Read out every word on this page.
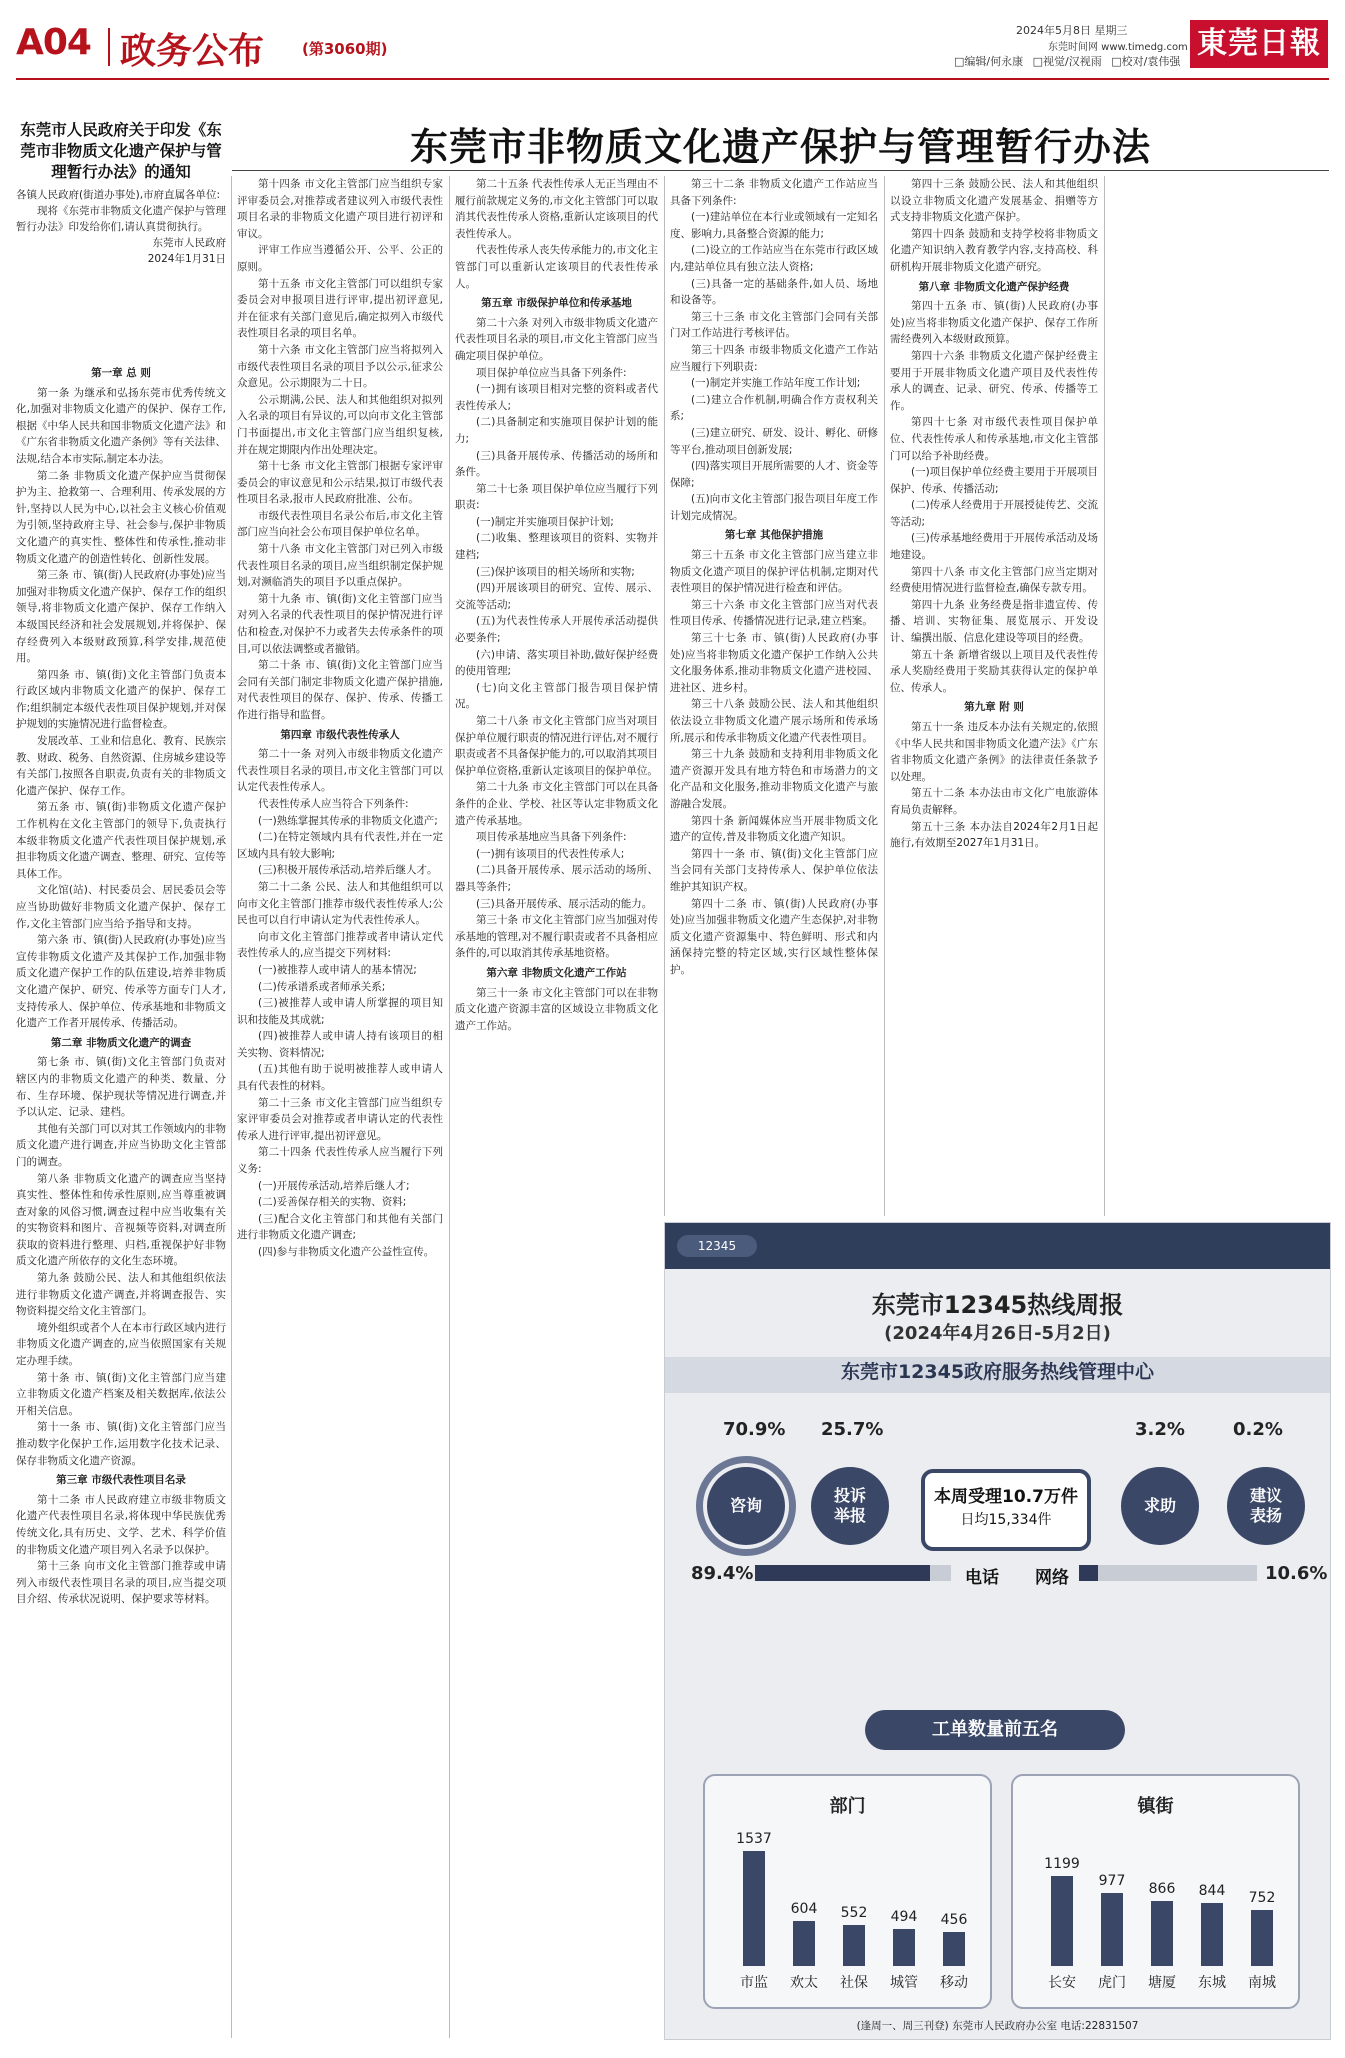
A04 政务公布	(第3060期)
2024年5月8日 星期三
东莞时间网 www.timedg.com
□编辑/何永康 □视觉/汉视雨 □校对/袁伟强
東莞日報
东莞市人民政府关于印发《东莞市非物质文化遗产保护与管理暂行办法》的通知

各镇人民政府(街道办事处),市府直属各单位:

现将《东莞市非物质文化遗产保护与管理暂行办法》印发给你们,请认真贯彻执行。

东莞市人民政府

2024年1月31日

东莞市非物质文化遗产保护与管理暂行办法

第一章 总 则

第一条 为继承和弘扬东莞市优秀传统文化,加强对非物质文化遗产的保护、保存工作,根据《中华人民共和国非物质文化遗产法》和《广东省非物质文化遗产条例》等有关法律、法规,结合本市实际,制定本办法。

第二条 非物质文化遗产保护应当贯彻保护为主、抢救第一、合理利用、传承发展的方针,坚持以人民为中心,以社会主义核心价值观为引领,坚持政府主导、社会参与,保护非物质文化遗产的真实性、整体性和传承性,推动非物质文化遗产的创造性转化、创新性发展。

第三条 市、镇(街)人民政府(办事处)应当加强对非物质文化遗产保护、保存工作的组织领导,将非物质文化遗产保护、保存工作纳入本级国民经济和社会发展规划,并将保护、保存经费列入本级财政预算,科学安排,规范使用。

第四条 市、镇(街)文化主管部门负责本行政区域内非物质文化遗产的保护、保存工作;组织制定本级代表性项目保护规划,并对保护规划的实施情况进行监督检查。

发展改革、工业和信息化、教育、民族宗教、财政、税务、自然资源、住房城乡建设等有关部门,按照各自职责,负责有关的非物质文化遗产保护、保存工作。

第五条 市、镇(街)非物质文化遗产保护工作机构在文化主管部门的领导下,负责执行本级非物质文化遗产代表性项目保护规划,承担非物质文化遗产调查、整理、研究、宣传等具体工作。

文化馆(站)、村民委员会、居民委员会等应当协助做好非物质文化遗产保护、保存工作,文化主管部门应当给予指导和支持。

第六条 市、镇(街)人民政府(办事处)应当宣传非物质文化遗产及其保护工作,加强非物质文化遗产保护工作的队伍建设,培养非物质文化遗产保护、研究、传承等方面专门人才,支持传承人、保护单位、传承基地和非物质文化遗产工作者开展传承、传播活动。

第二章 非物质文化遗产的调查

第七条 市、镇(街)文化主管部门负责对辖区内的非物质文化遗产的种类、数量、分布、生存环境、保护现状等情况进行调查,并予以认定、记录、建档。

其他有关部门可以对其工作领域内的非物质文化遗产进行调查,并应当协助文化主管部门的调查。

第八条 非物质文化遗产的调查应当坚持真实性、整体性和传承性原则,应当尊重被调查对象的风俗习惯,调查过程中应当收集有关的实物资料和图片、音视频等资料,对调查所获取的资料进行整理、归档,重视保护好非物质文化遗产所依存的文化生态环境。

第九条 鼓励公民、法人和其他组织依法进行非物质文化遗产调查,并将调查报告、实物资料提交给文化主管部门。

境外组织或者个人在本市行政区域内进行非物质文化遗产调查的,应当依照国家有关规定办理手续。

第十条 市、镇(街)文化主管部门应当建立非物质文化遗产档案及相关数据库,依法公开相关信息。

第十一条 市、镇(街)文化主管部门应当推动数字化保护工作,运用数字化技术记录、保存非物质文化遗产资源。

第三章 市级代表性项目名录

第十二条 市人民政府建立市级非物质文化遗产代表性项目名录,将体现中华民族优秀传统文化,具有历史、文学、艺术、科学价值的非物质文化遗产项目列入名录予以保护。

第十三条 向市文化主管部门推荐或申请列入市级代表性项目名录的项目,应当提交项目介绍、传承状况说明、保护要求等材料。

第十四条 市文化主管部门应当组织专家评审委员会,对推荐或者建议列入市级代表性项目名录的非物质文化遗产项目进行初评和审议。

评审工作应当遵循公开、公平、公正的原则。

第十五条 市文化主管部门可以组织专家委员会对申报项目进行评审,提出初评意见,并在征求有关部门意见后,确定拟列入市级代表性项目名录的项目名单。

第十六条 市文化主管部门应当将拟列入市级代表性项目名录的项目予以公示,征求公众意见。公示期限为二十日。

公示期满,公民、法人和其他组织对拟列入名录的项目有异议的,可以向市文化主管部门书面提出,市文化主管部门应当组织复核,并在规定期限内作出处理决定。

第十七条 市文化主管部门根据专家评审委员会的审议意见和公示结果,拟订市级代表性项目名录,报市人民政府批准、公布。

市级代表性项目名录公布后,市文化主管部门应当向社会公布项目保护单位名单。

第十八条 市文化主管部门对已列入市级代表性项目名录的项目,应当组织制定保护规划,对濒临消失的项目予以重点保护。

第十九条 市、镇(街)文化主管部门应当对列入名录的代表性项目的保护情况进行评估和检查,对保护不力或者失去传承条件的项目,可以依法调整或者撤销。

第二十条 市、镇(街)文化主管部门应当会同有关部门制定非物质文化遗产保护措施,对代表性项目的保存、保护、传承、传播工作进行指导和监督。

第四章 市级代表性传承人

第二十一条 对列入市级非物质文化遗产代表性项目名录的项目,市文化主管部门可以认定代表性传承人。

代表性传承人应当符合下列条件:

(一)熟练掌握其传承的非物质文化遗产;

(二)在特定领域内具有代表性,并在一定区域内具有较大影响;

(三)积极开展传承活动,培养后继人才。

第二十二条 公民、法人和其他组织可以向市文化主管部门推荐市级代表性传承人;公民也可以自行申请认定为代表性传承人。

向市文化主管部门推荐或者申请认定代表性传承人的,应当提交下列材料:

(一)被推荐人或申请人的基本情况;

(二)传承谱系或者师承关系;

(三)被推荐人或申请人所掌握的项目知识和技能及其成就;

(四)被推荐人或申请人持有该项目的相关实物、资料情况;

(五)其他有助于说明被推荐人或申请人具有代表性的材料。

第二十三条 市文化主管部门应当组织专家评审委员会对推荐或者申请认定的代表性传承人进行评审,提出初评意见。

第二十四条 代表性传承人应当履行下列义务:

(一)开展传承活动,培养后继人才;

(二)妥善保存相关的实物、资料;

(三)配合文化主管部门和其他有关部门进行非物质文化遗产调查;

(四)参与非物质文化遗产公益性宣传。

第二十五条 代表性传承人无正当理由不履行前款规定义务的,市文化主管部门可以取消其代表性传承人资格,重新认定该项目的代表性传承人。

代表性传承人丧失传承能力的,市文化主管部门可以重新认定该项目的代表性传承人。

第五章 市级保护单位和传承基地

第二十六条 对列入市级非物质文化遗产代表性项目名录的项目,市文化主管部门应当确定项目保护单位。

项目保护单位应当具备下列条件:

(一)拥有该项目相对完整的资料或者代表性传承人;

(二)具备制定和实施项目保护计划的能力;

(三)具备开展传承、传播活动的场所和条件。

第二十七条 项目保护单位应当履行下列职责:

(一)制定并实施项目保护计划;

(二)收集、整理该项目的资料、实物并建档;

(三)保护该项目的相关场所和实物;

(四)开展该项目的研究、宣传、展示、交流等活动;

(五)为代表性传承人开展传承活动提供必要条件;

(六)申请、落实项目补助,做好保护经费的使用管理;

(七)向文化主管部门报告项目保护情况。

第二十八条 市文化主管部门应当对项目保护单位履行职责的情况进行评估,对不履行职责或者不具备保护能力的,可以取消其项目保护单位资格,重新认定该项目的保护单位。

第二十九条 市文化主管部门可以在具备条件的企业、学校、社区等认定非物质文化遗产传承基地。

项目传承基地应当具备下列条件:

(一)拥有该项目的代表性传承人;

(二)具备开展传承、展示活动的场所、器具等条件;

(三)具备开展传承、展示活动的能力。

第三十条 市文化主管部门应当加强对传承基地的管理,对不履行职责或者不具备相应条件的,可以取消其传承基地资格。

第六章 非物质文化遗产工作站

第三十一条 市文化主管部门可以在非物质文化遗产资源丰富的区域设立非物质文化遗产工作站。

第三十二条 非物质文化遗产工作站应当具备下列条件:

(一)建站单位在本行业或领域有一定知名度、影响力,具备整合资源的能力;

(二)设立的工作站应当在东莞市行政区域内,建站单位具有独立法人资格;

(三)具备一定的基础条件,如人员、场地和设备等。

第三十三条 市文化主管部门会同有关部门对工作站进行考核评估。

第三十四条 市级非物质文化遗产工作站应当履行下列职责:

(一)制定并实施工作站年度工作计划;

(二)建立合作机制,明确合作方责权利关系;

(三)建立研究、研发、设计、孵化、研修等平台,推动项目创新发展;

(四)落实项目开展所需要的人才、资金等保障;

(五)向市文化主管部门报告项目年度工作计划完成情况。

第七章 其他保护措施

第三十五条 市文化主管部门应当建立非物质文化遗产项目的保护评估机制,定期对代表性项目的保护情况进行检查和评估。

第三十六条 市文化主管部门应当对代表性项目传承、传播情况进行记录,建立档案。

第三十七条 市、镇(街)人民政府(办事处)应当将非物质文化遗产保护工作纳入公共文化服务体系,推动非物质文化遗产进校园、进社区、进乡村。

第三十八条 鼓励公民、法人和其他组织依法设立非物质文化遗产展示场所和传承场所,展示和传承非物质文化遗产代表性项目。

第三十九条 鼓励和支持利用非物质文化遗产资源开发具有地方特色和市场潜力的文化产品和文化服务,推动非物质文化遗产与旅游融合发展。

第四十条 新闻媒体应当开展非物质文化遗产的宣传,普及非物质文化遗产知识。

第四十一条 市、镇(街)文化主管部门应当会同有关部门支持传承人、保护单位依法维护其知识产权。

第四十二条 市、镇(街)人民政府(办事处)应当加强非物质文化遗产生态保护,对非物质文化遗产资源集中、特色鲜明、形式和内涵保持完整的特定区域,实行区域性整体保护。

第四十三条 鼓励公民、法人和其他组织以设立非物质文化遗产发展基金、捐赠等方式支持非物质文化遗产保护。

第四十四条 鼓励和支持学校将非物质文化遗产知识纳入教育教学内容,支持高校、科研机构开展非物质文化遗产研究。

第八章 非物质文化遗产保护经费

第四十五条 市、镇(街)人民政府(办事处)应当将非物质文化遗产保护、保存工作所需经费列入本级财政预算。

第四十六条 非物质文化遗产保护经费主要用于开展非物质文化遗产项目及代表性传承人的调查、记录、研究、传承、传播等工作。

第四十七条 对市级代表性项目保护单位、代表性传承人和传承基地,市文化主管部门可以给予补助经费。

(一)项目保护单位经费主要用于开展项目保护、传承、传播活动;

(二)传承人经费用于开展授徒传艺、交流等活动;

(三)传承基地经费用于开展传承活动及场地建设。

第四十八条 市文化主管部门应当定期对经费使用情况进行监督检查,确保专款专用。

第四十九条 业务经费是指非遗宣传、传播、培训、实物征集、展览展示、开发设计、编撰出版、信息化建设等项目的经费。

第五十条 新增省级以上项目及代表性传承人奖励经费用于奖励其获得认定的保护单位、传承人。

第九章 附 则

第五十一条 违反本办法有关规定的,依照《中华人民共和国非物质文化遗产法》《广东省非物质文化遗产条例》的法律责任条款予以处理。

第五十二条 本办法由市文化广电旅游体育局负责解释。

第五十三条 本办法自2024年2月1日起施行,有效期至2027年1月31日。

12345
东莞市12345热线周报
(2024年4月26日-5月2日)
东莞市12345政府服务热线管理中心
70.9% 25.7%	3.2%	0.2%
咨询
投诉
举报
求助
建议
表扬
本周受理10.7万件
日均15,334件
89.4%	电话 网络	10.6%
工单数量前五名
部门
1537
市监
604
欢太
552
社保
494
城管
456
移动
镇街
1199
长安
977
虎门
866
塘厦
844
东城
752
南城
(逢周一、周三刊登) 东莞市人民政府办公室 电话:22831507
